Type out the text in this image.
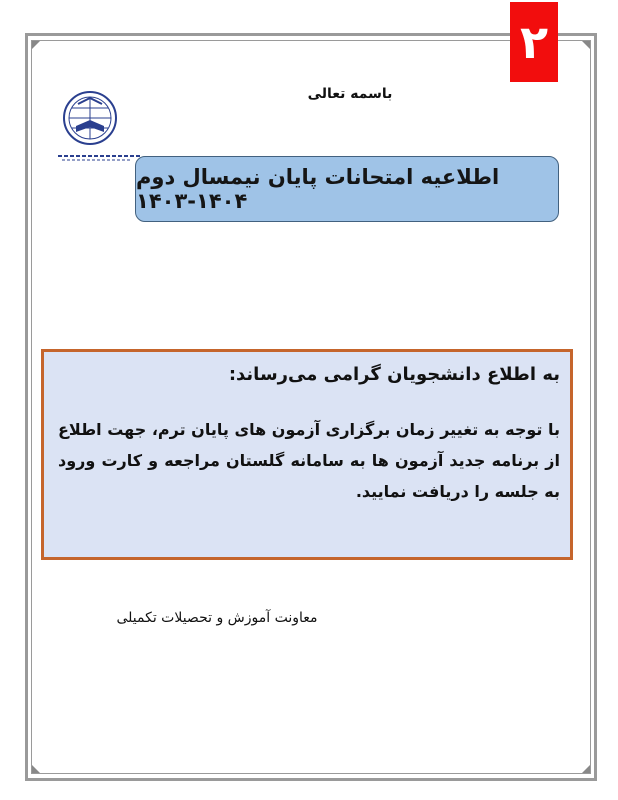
۲
باسمه تعالی
اطلاعیه امتحانات پایان نیمسال دوم ۱۴۰۴-۱۴۰۳
به اطلاع دانشجویان گرامی می‌رساند:
با توجه به تغییر زمان برگزاری آزمون های پایان ترم، جهت اطلاع از برنامه جدید آزمون ها به سامانه گلستان مراجعه و کارت ورود به جلسه را دریافت نمایید.
معاونت آموزش و تحصیلات تکمیلی
